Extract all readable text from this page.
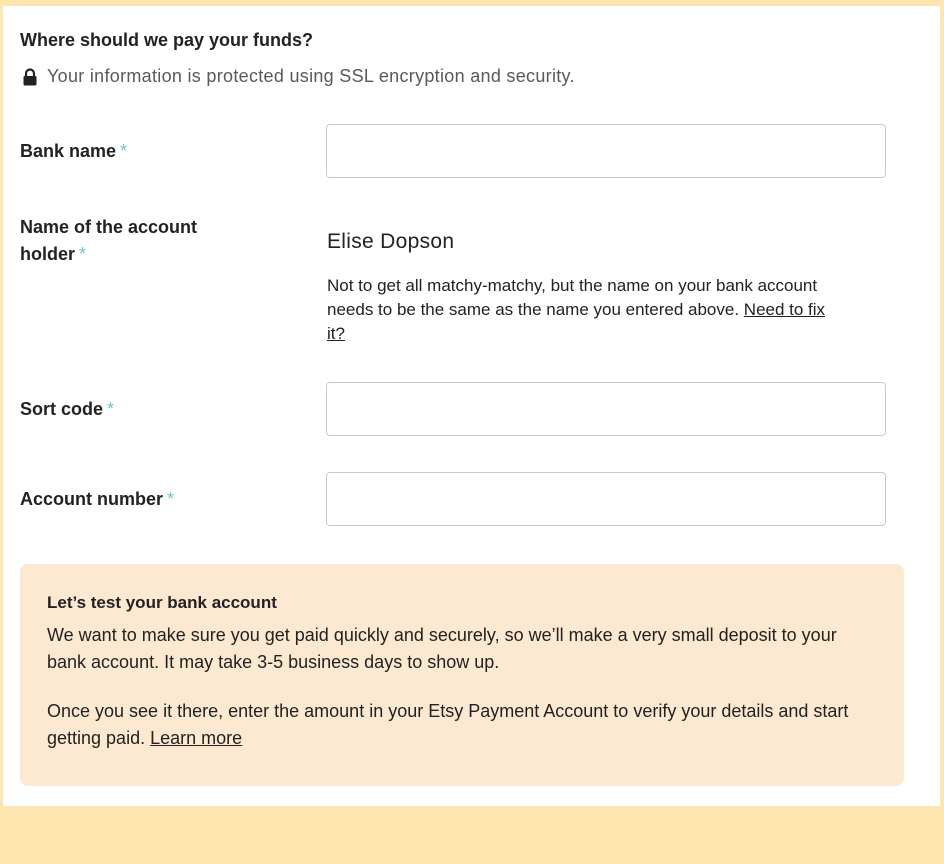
Where should we pay your funds?
Your information is protected using SSL encryption and security.
Bank name *
Name of the account
holder *
Elise Dopson
Not to get all matchy-matchy, but the name on your bank account needs to be the same as the name you entered above. Need to fix it?
Sort code *
Account number *
Let’s test your bank account

We want to make sure you get paid quickly and securely, so we’ll make a very small deposit to your bank account. It may take 3-5 business days to show up.

Once you see it there, enter the amount in your Etsy Payment Account to verify your details and start getting paid. Learn more
